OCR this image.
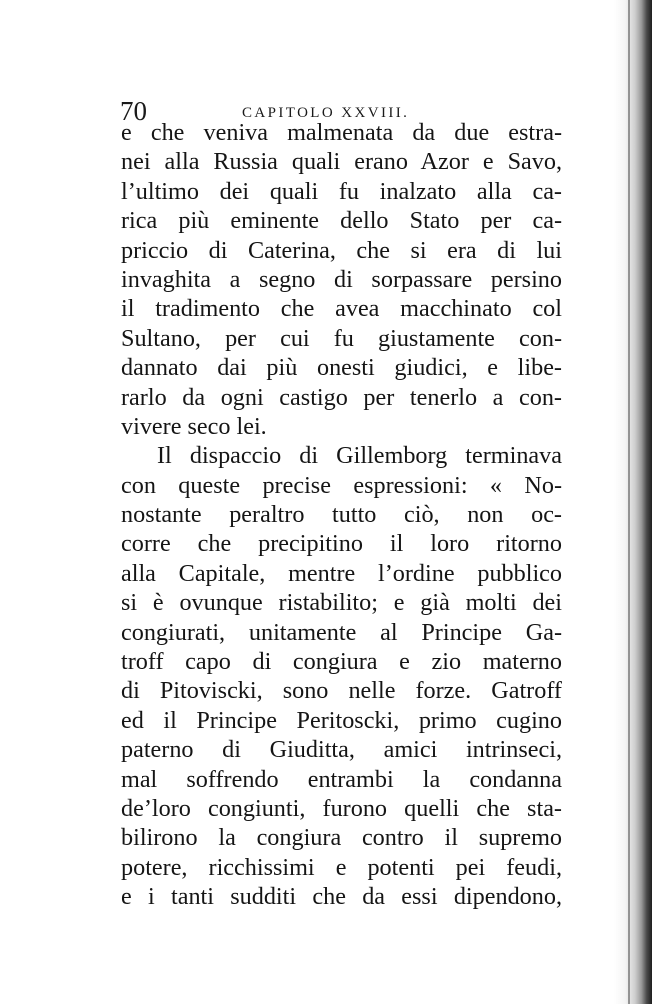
70	CAPITOLO XXVIII.
e che veniva malmenata da due estra-
nei alla Russia quali erano Azor e Savo,
l’ultimo dei quali fu inalzato alla ca-
rica più eminente dello Stato per ca-
priccio di Caterina, che si era di lui
invaghita a segno di sorpassare persino
il tradimento che avea macchinato col
Sultano, per cui fu giustamente con-
dannato dai più onesti giudici, e libe-
rarlo da ogni castigo per tenerlo a con-
vivere seco lei.
Il dispaccio di Gillemborg terminava
con queste precise espressioni: « No-
nostante peraltro tutto ciò, non oc-
corre che precipitino il loro ritorno
alla Capitale, mentre l’ordine pubblico
si è ovunque ristabilito; e già molti dei
congiurati, unitamente al Principe Ga-
troff capo di congiura e zio materno
di Pitoviscki, sono nelle forze. Gatroff
ed il Principe Peritoscki, primo cugino
paterno di Giuditta, amici intrinseci,
mal soffrendo entrambi la condanna
de’loro congiunti, furono quelli che sta-
bilirono la congiura contro il supremo
potere, ricchissimi e potenti pei feudi,
e i tanti sudditi che da essi dipendono,
